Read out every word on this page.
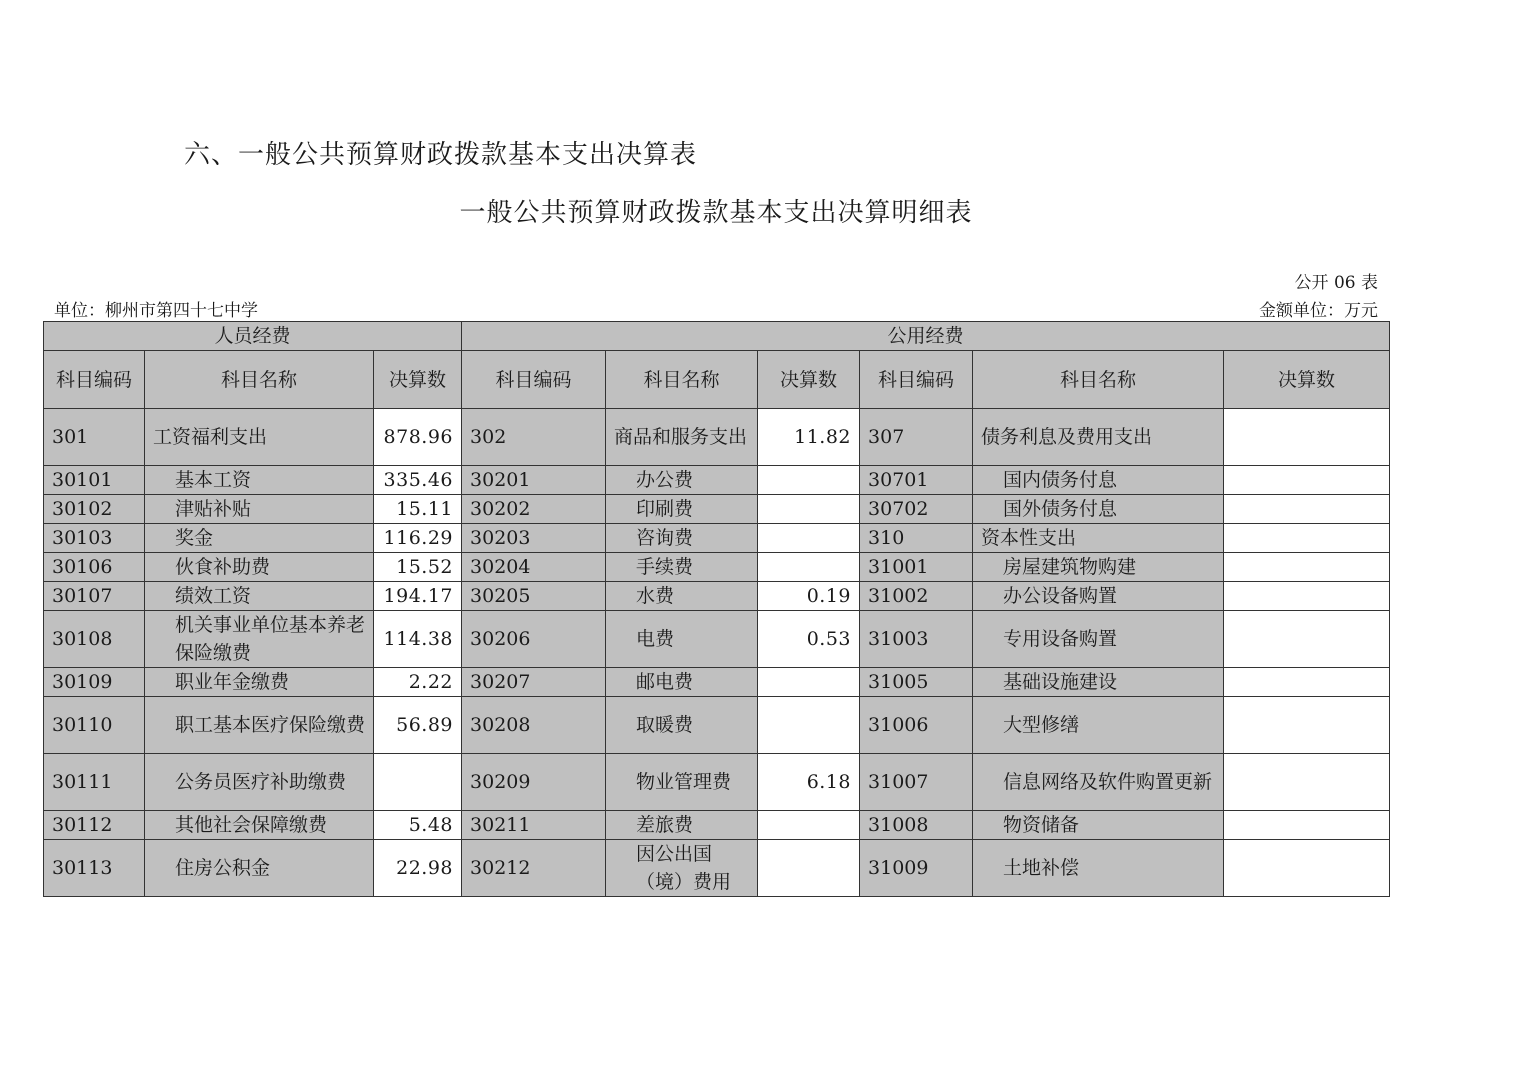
六、一般公共预算财政拨款基本支出决算表
一般公共预算财政拨款基本支出决算明细表
公开 06 表
单位：柳州市第四十七中学	金额单位：万元
人员经费			公用经费					
科目编码	科目名称	决算数	科目编码	科目名称	决算数	科目编码	科目名称	决算数
301	工资福利支出	878.96	302	商品和服务支出	11.82	307	债务利息及费用支出	
30101	基本工资	335.46	30201	办公费		30701	国内债务付息	
30102	津贴补贴	15.11	30202	印刷费		30702	国外债务付息	
30103	奖金	116.29	30203	咨询费		310	资本性支出	
30106	伙食补助费	15.52	30204	手续费		31001	房屋建筑物购建	
30107	绩效工资	194.17	30205	水费	0.19	31002	办公设备购置	
30108	机关事业单位基本养老保险缴费	114.38	30206	电费	0.53	31003	专用设备购置	
30109	职业年金缴费	2.22	30207	邮电费		31005	基础设施建设	
30110	职工基本医疗保险缴费	56.89	30208	取暖费		31006	大型修缮	
30111	公务员医疗补助缴费		30209	物业管理费	6.18	31007	信息网络及软件购置更新	
30112	其他社会保障缴费	5.48	30211	差旅费		31008	物资储备	
30113	住房公积金	22.98	30212	因公出国（境）费用		31009	土地补偿	
